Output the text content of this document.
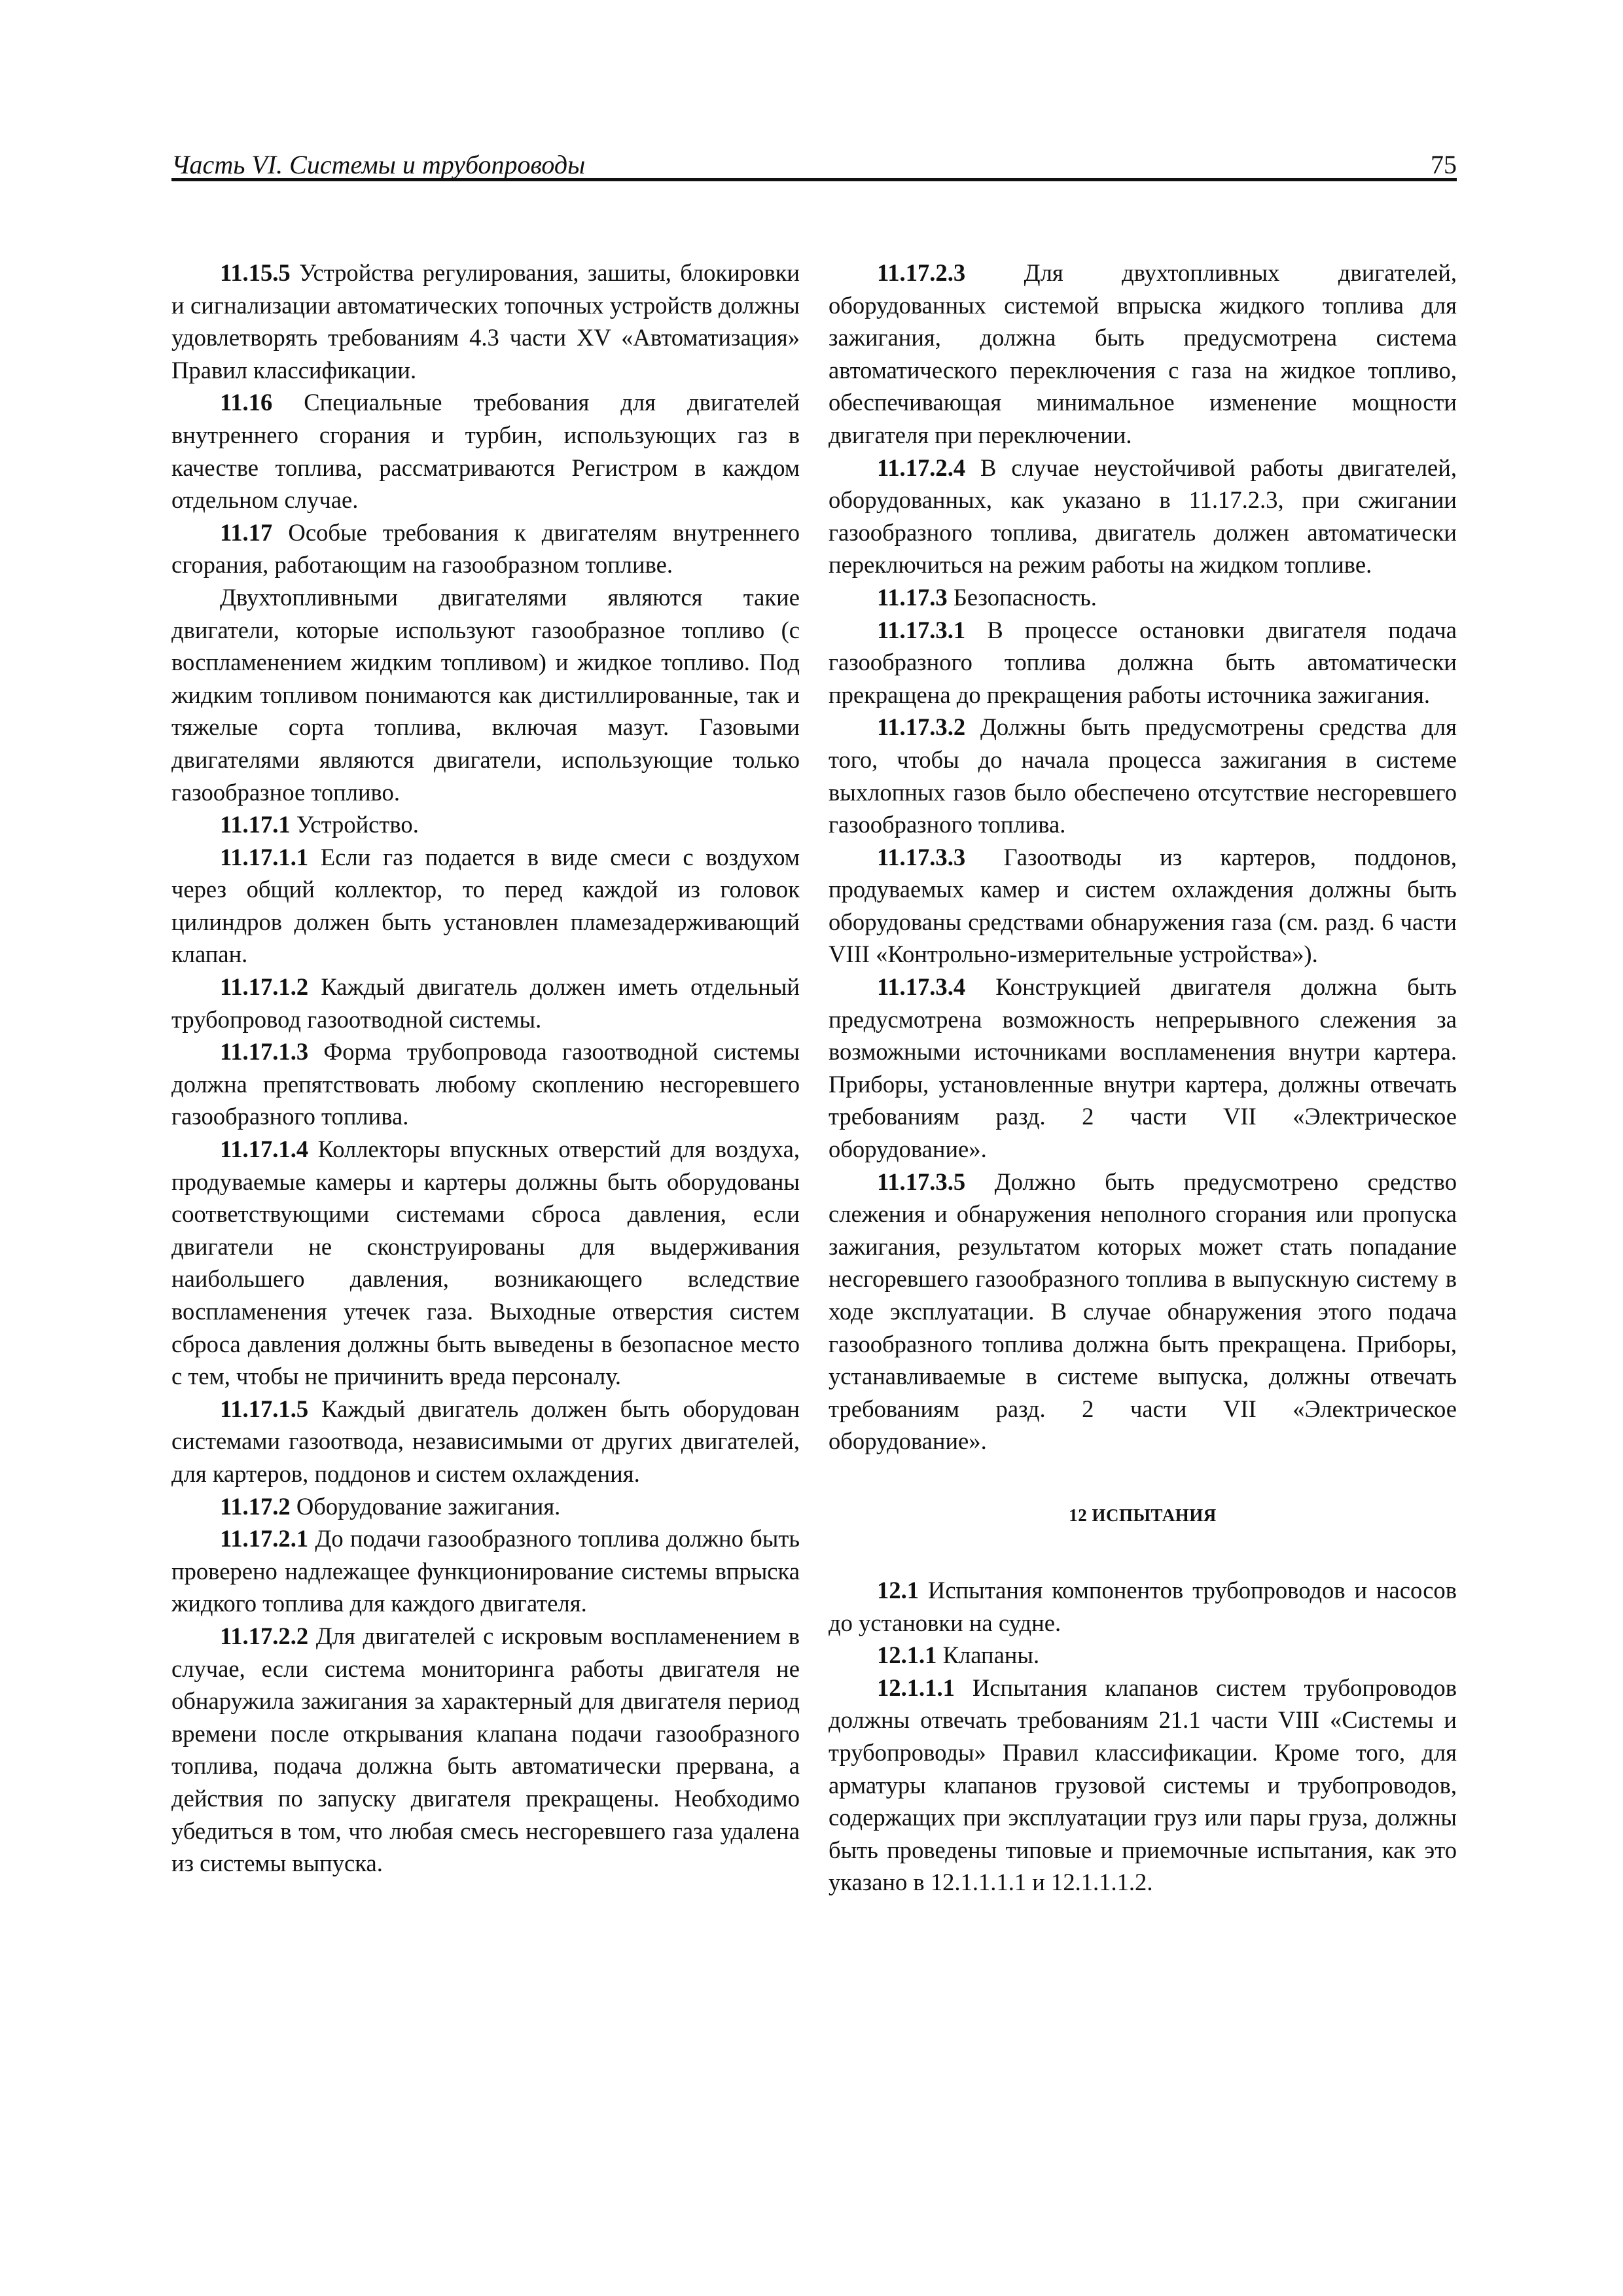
Часть VI. Системы и трубопроводы	75

11.15.5 Устройства регулирования, зашиты, блокировки и сигнализации автоматических топочных устройств должны удовлетворять требованиям 4.3 части XV «Автоматизация» Правил классификации.

11.16 Специальные требования для двигателей внутреннего сгорания и турбин, использующих газ в качестве топлива, рассматриваются Регистром в каждом отдельном случае.

11.17 Особые требования к двигателям внутреннего сгорания, работающим на газообразном топливе.

Двухтопливными двигателями являются такие двигатели, которые используют газообразное топливо (с воспламенением жидким топливом) и жидкое топливо. Под жидким топливом понимаются как дистиллированные, так и тяжелые сорта топлива, включая мазут. Газовыми двигателями являются двигатели, использующие только газообразное топливо.

11.17.1 Устройство.

11.17.1.1 Если газ подается в виде смеси с воздухом через общий коллектор, то перед каждой из головок цилиндров должен быть установлен пламезадерживающий клапан.

11.17.1.2 Каждый двигатель должен иметь отдельный трубопровод газоотводной системы.

11.17.1.3 Форма трубопровода газоотводной системы должна препятствовать любому скоплению несгоревшего газообразного топлива.

11.17.1.4 Коллекторы впускных отверстий для воздуха, продуваемые камеры и картеры должны быть оборудованы соответствующими системами сброса давления, если двигатели не сконструированы для выдерживания наибольшего давления, возникающего вследствие воспламенения утечек газа. Выходные отверстия систем сброса давления должны быть выведены в безопасное место с тем, чтобы не причинить вреда персоналу.

11.17.1.5 Каждый двигатель должен быть оборудован системами газоотвода, независимыми от других двигателей, для картеров, поддонов и систем охлаждения.

11.17.2 Оборудование зажигания.

11.17.2.1 До подачи газообразного топлива должно быть проверено надлежащее функционирование системы впрыска жидкого топлива для каждого двигателя.

11.17.2.2 Для двигателей с искровым воспламенением в случае, если система мониторинга работы двигателя не обнаружила зажигания за характерный для двигателя период времени после открывания клапана подачи газообразного топлива, подача должна быть автоматически прервана, а действия по запуску двигателя прекращены. Необходимо убедиться в том, что любая смесь несгоревшего газа удалена из системы выпуска.

11.17.2.3 Для двухтопливных двигателей, оборудованных системой впрыска жидкого топлива для зажигания, должна быть предусмотрена система автоматического переключения с газа на жидкое топливо, обеспечивающая минимальное изменение мощности двигателя при переключении.

11.17.2.4 В случае неустойчивой работы двигателей, оборудованных, как указано в 11.17.2.3, при сжигании газообразного топлива, двигатель должен автоматически переключиться на режим работы на жидком топливе.

11.17.3 Безопасность.

11.17.3.1 В процессе остановки двигателя подача газообразного топлива должна быть автоматически прекращена до прекращения работы источника зажигания.

11.17.3.2 Должны быть предусмотрены средства для того, чтобы до начала процесса зажигания в системе выхлопных газов было обеспечено отсутствие несгоревшего газообразного топлива.

11.17.3.3 Газоотводы из картеров, поддонов, продуваемых камер и систем охлаждения должны быть оборудованы средствами обнаружения газа (см. разд. 6 части VIII «Контрольно-измерительные устройства»).

11.17.3.4 Конструкцией двигателя должна быть предусмотрена возможность непрерывного слежения за возможными источниками воспламенения внутри картера. Приборы, установленные внутри картера, должны отвечать требованиям разд. 2 части VII «Электрическое оборудование».

11.17.3.5 Должно быть предусмотрено средство слежения и обнаружения неполного сгорания или пропуска зажигания, результатом которых может стать попадание несгоревшего газообразного топлива в выпускную систему в ходе эксплуатации. В случае обнаружения этого подача газообразного топлива должна быть прекращена. Приборы, устанавливаемые в системе выпуска, должны отвечать требованиям разд. 2 части VII «Электрическое оборудование».

12 ИСПЫТАНИЯ

12.1 Испытания компонентов трубопроводов и насосов до установки на судне.

12.1.1 Клапаны.

12.1.1.1 Испытания клапанов систем трубопроводов должны отвечать требованиям 21.1 части VIII «Системы и трубопроводы» Правил классификации. Кроме того, для арматуры клапанов грузовой системы и трубопроводов, содержащих при эксплуатации груз или пары груза, должны быть проведены типовые и приемочные испытания, как это указано в 12.1.1.1.1 и 12.1.1.1.2.
